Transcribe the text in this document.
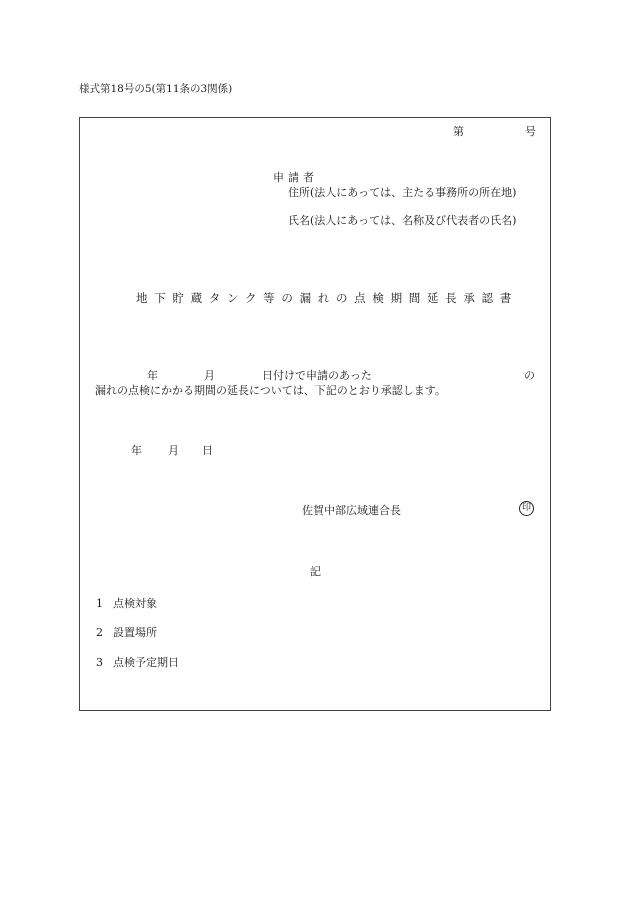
様式第18号の5(第11条の3関係)
第	号
申請者
住所(法人にあっては、主たる事務所の所在地)
氏名(法人にあっては、名称及び代表者の氏名)
地下貯蔵タンク等の漏れの点検期間延長承認書
年	月	日付けで申請のあった	の
漏れの点検にかかる期間の延長については、下記のとおり承認します。
年 月 日
佐賀中部広域連合長	印
記
1 点検対象
2 設置場所
3 点検予定期日
